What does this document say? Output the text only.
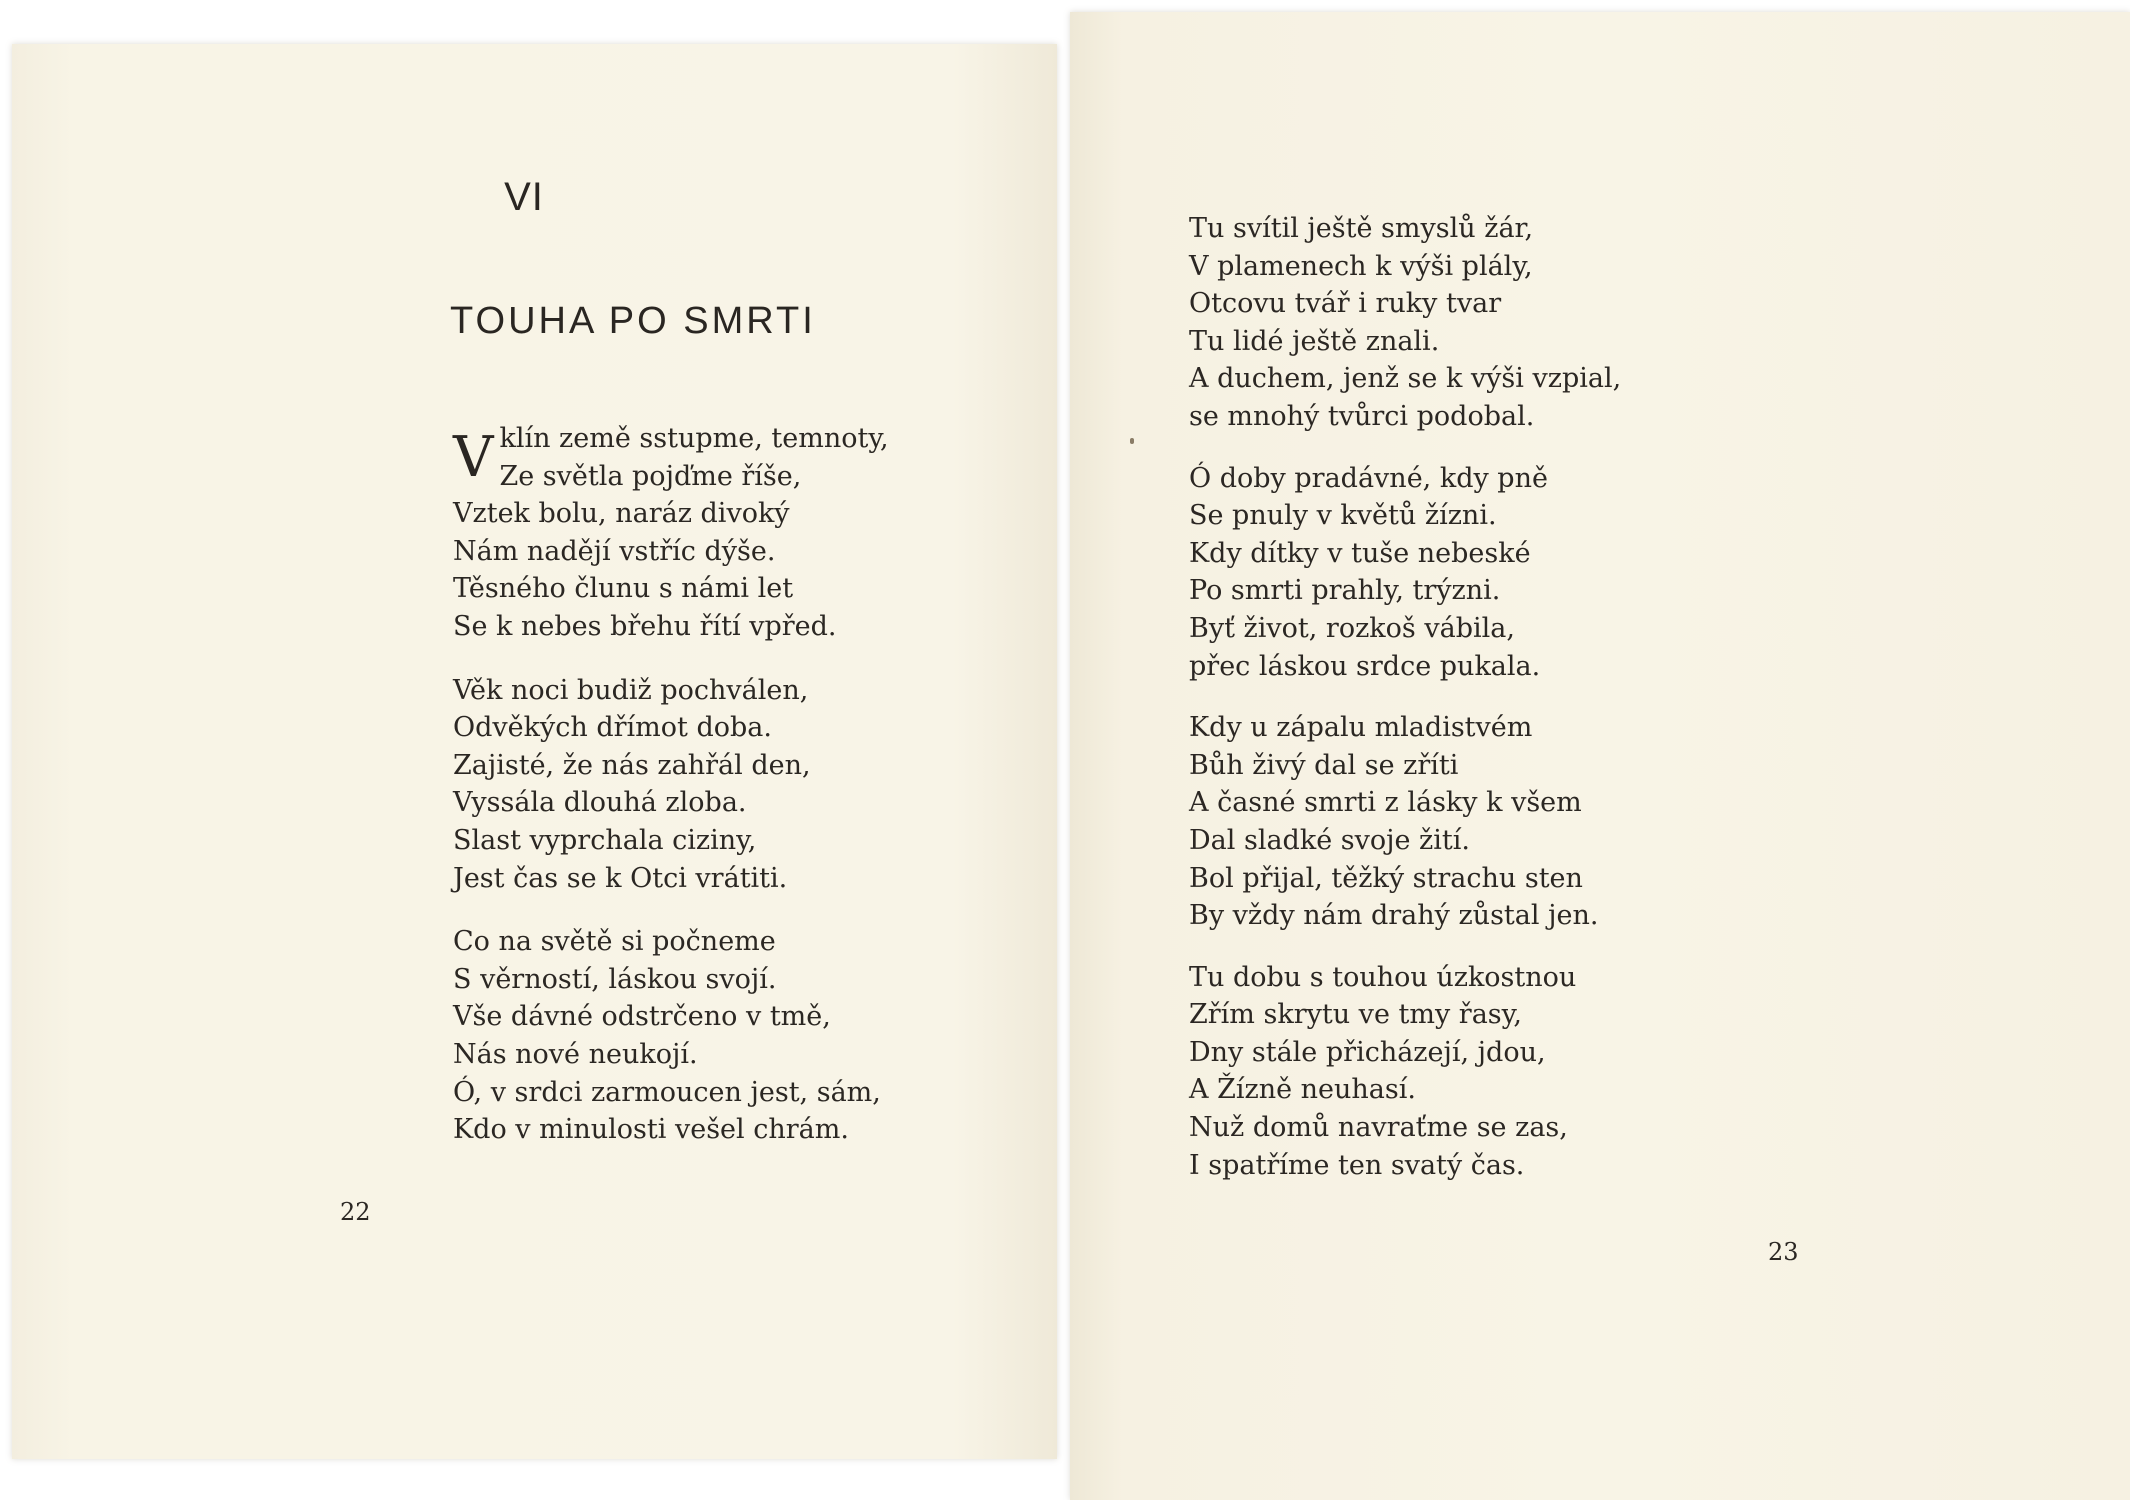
VI
TOUHA PO SMRTI
V klín země sstupme, temnoty,
Ze světla pojďme říše,
Vztek bolu, naráz divoký
Nám nadějí vstříc dýše.
Těsného člunu s námi let
Se k nebes břehu řítí vpřed.
Věk noci budiž pochválen,
Odvěkých dřímot doba.
Zajisté, že nás zahřál den,
Vyssála dlouhá zloba.
Slast vyprchala ciziny,
Jest čas se k Otci vrátiti.
Co na světě si počneme
S věrností, láskou svojí.
Vše dávné odstrčeno v tmě,
Nás nové neukojí.
Ó, v srdci zarmoucen jest, sám,
Kdo v minulosti vešel chrám.
22
Tu svítil ještě smyslů žár,
V plamenech k výši plály,
Otcovu tvář i ruky tvar
Tu lidé ještě znali.
A duchem, jenž se k výši vzpial,
se mnohý tvůrci podobal.
Ó doby pradávné, kdy pně
Se pnuly v květů žízni.
Kdy dítky v tuše nebeské
Po smrti prahly, trýzni.
Byť život, rozkoš vábila,
přec láskou srdce pukala.
Kdy u zápalu mladistvém
Bůh živý dal se zříti
A časné smrti z lásky k všem
Dal sladké svoje žití.
Bol přijal, těžký strachu sten
By vždy nám drahý zůstal jen.
Tu dobu s touhou úzkostnou
Zřím skrytu ve tmy řasy,
Dny stále přicházejí, jdou,
A Žízně neuhasí.
Nuž domů navraťme se zas,
I spatříme ten svatý čas.
23
